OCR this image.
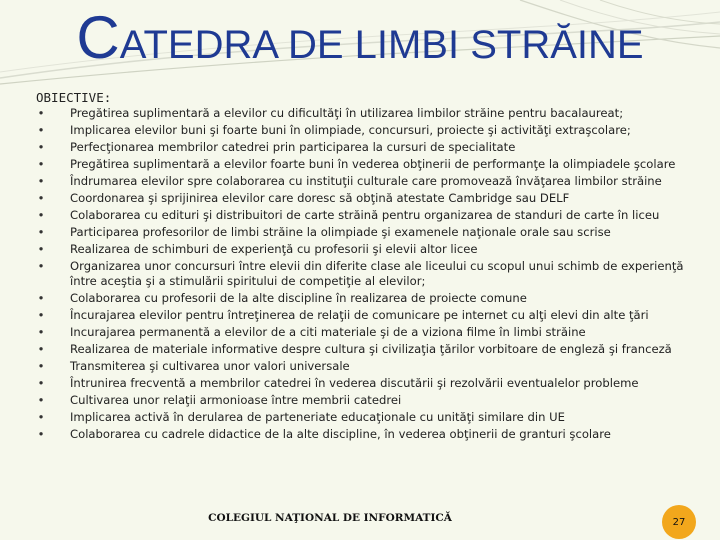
CATEDRA DE LIMBI STRĂINE
OBIECTIVE:
• Pregătirea suplimentară a elevilor cu dificultăţi în utilizarea limbilor străine pentru bacalaureat;
• Implicarea elevilor buni şi foarte buni în olimpiade, concursuri, proiecte şi activităţi extraşcolare;
• Perfecţionarea membrilor catedrei prin participarea la cursuri de specialitate
• Pregătirea suplimentară a elevilor foarte buni în vederea obţinerii de performanţe la olimpiadele şcolare
• Îndrumarea elevilor spre colaborarea cu instituţii culturale care promovează învăţarea limbilor străine
• Coordonarea şi sprijinirea elevilor care doresc să obţină atestate Cambridge sau DELF
• Colaborarea cu edituri şi distribuitori de carte străină pentru organizarea de standuri de carte în liceu
• Participarea profesorilor de limbi străine la olimpiade şi examenele naţionale orale sau scrise
• Realizarea de schimburi de experienţă cu profesorii şi elevii altor licee
• Organizarea unor concursuri între elevii din diferite clase ale liceului cu scopul unui schimb de experienţă între aceştia şi a stimulării spiritului de competiţie al elevilor;
• Colaborarea cu profesorii de la alte discipline în realizarea de proiecte comune
• Încurajarea elevilor pentru întreţinerea de relaţii de comunicare pe internet cu alţi elevi din alte ţări
• Incurajarea permanentă a elevilor de a citi materiale şi de a viziona filme în limbi străine
• Realizarea de materiale informative despre cultura şi civilizaţia ţărilor vorbitoare de engleză şi franceză
• Transmiterea şi cultivarea unor valori universale
• Întrunirea frecventă a membrilor catedrei în vederea discutării şi rezolvării eventualelor probleme
• Cultivarea unor relaţii armonioase între membrii catedrei
• Implicarea activă în derularea de parteneriate educaţionale cu unităţi similare din UE
• Colaborarea cu cadrele didactice de la alte discipline, în vederea obţinerii de granturi şcolare
COLEGIUL NAŢIONAL DE INFORMATICĂ	27
